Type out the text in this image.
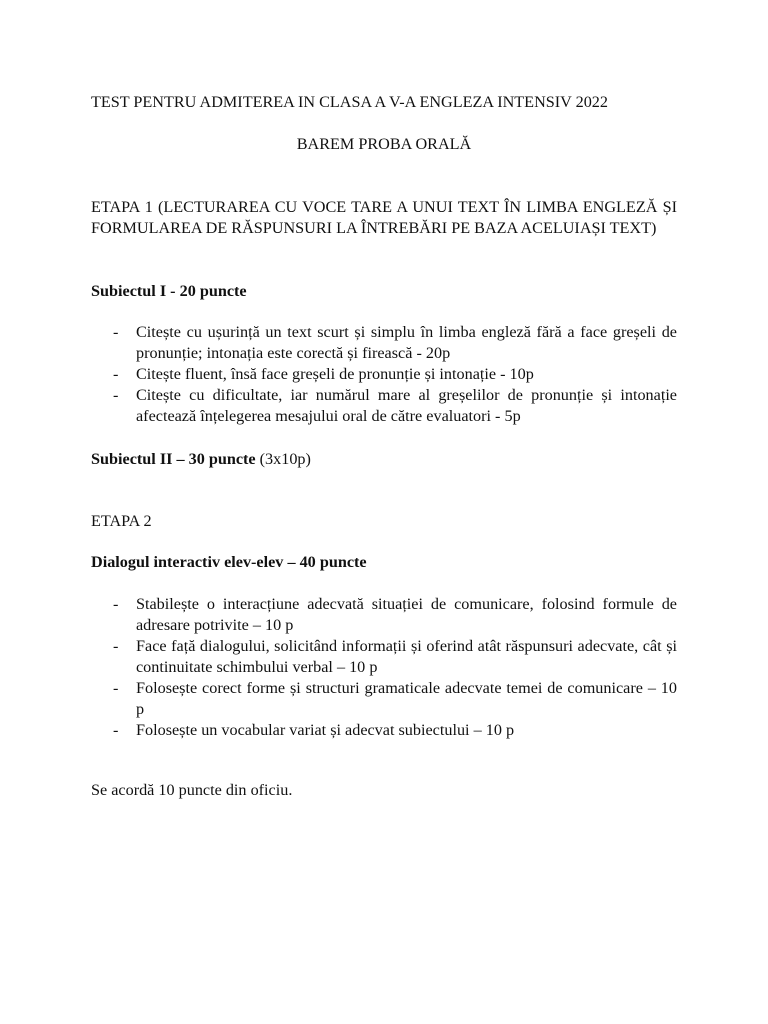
TEST PENTRU ADMITEREA IN CLASA A V-A ENGLEZA INTENSIV 2022

BAREM PROBA ORALĂ

ETAPA 1 (LECTURAREA CU VOCE TARE A UNUI TEXT ÎN LIMBA ENGLEZĂ ȘI FORMULAREA DE RĂSPUNSURI LA ÎNTREBĂRI PE BAZA ACELUIAȘI TEXT)

Subiectul I - 20 puncte

- Citește cu ușurință un text scurt și simplu în limba engleză fără a face greșeli de pronunție; intonația este corectă și firească - 20p
- Citește fluent, însă face greșeli de pronunție și intonație - 10p
- Citește cu dificultate, iar numărul mare al greșelilor de pronunție și intonație afectează înțelegerea mesajului oral de către evaluatori - 5p

Subiectul II – 30 puncte (3x10p)

ETAPA 2

Dialogul interactiv elev-elev – 40 puncte

- Stabilește o interacțiune adecvată situației de comunicare, folosind formule de adresare potrivite – 10 p
- Face față dialogului, solicitând informații și oferind atât răspunsuri adecvate, cât și continuitate schimbului verbal – 10 p
- Folosește corect forme și structuri gramaticale adecvate temei de comunicare – 10 p
- Folosește un vocabular variat și adecvat subiectului – 10 p

Se acordă 10 puncte din oficiu.
